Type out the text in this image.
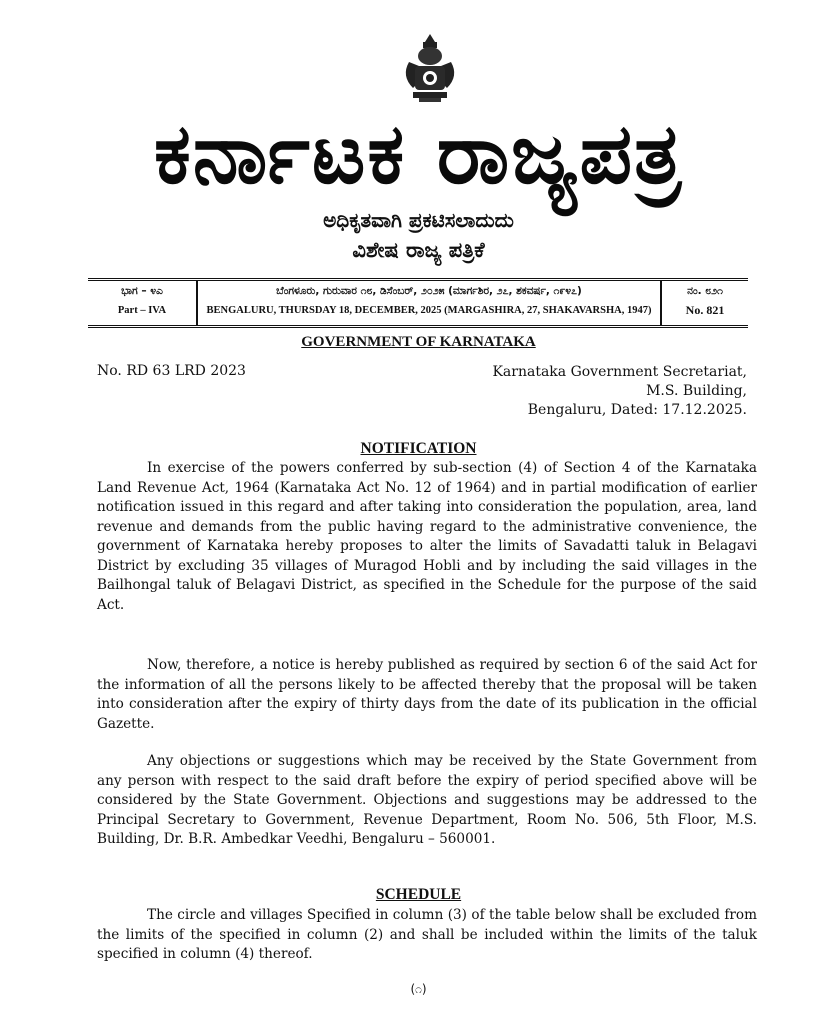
ಕರ್ನಾಟಕ ರಾಜ್ಯಪತ್ರ
ಅಧಿಕೃತವಾಗಿ ಪ್ರಕಟಿಸಲಾದುದು
ವಿಶೇಷ ರಾಜ್ಯ ಪತ್ರಿಕೆ
ಭಾಗ – ೪ಎ
Part – IVA
ಬೆಂಗಳೂರು, ಗುರುವಾರ ೧೮, ಡಿಸೆಂಬರ್, ೨೦೨೫ (ಮಾರ್ಗಶಿರ, ೨೭, ಶಕವರ್ಷ, ೧೯೪೭)
BENGALURU, THURSDAY 18, DECEMBER, 2025 (MARGASHIRA, 27, SHAKAVARSHA, 1947)
ನಂ. ೮೨೧
No. 821
GOVERNMENT OF KARNATAKA
No. RD 63 LRD 2023	Karnataka Government Secretariat,
M.S. Building,
Bengaluru, Dated: 17.12.2025.
NOTIFICATION
In exercise of the powers conferred by sub-section (4) of Section 4 of the Karnataka Land Revenue Act, 1964 (Karnataka Act No. 12 of 1964) and in partial modification of earlier notification issued in this regard and after taking into consideration the population, area, land revenue and demands from the public having regard to the administrative convenience, the government of Karnataka hereby proposes to alter the limits of Savadatti taluk in Belagavi District by excluding 35 villages of Muragod Hobli and by including the said villages in the Bailhongal taluk of Belagavi District, as specified in the Schedule for the purpose of the said Act.
Now, therefore, a notice is hereby published as required by section 6 of the said Act for the information of all the persons likely to be affected thereby that the proposal will be taken into consideration after the expiry of thirty days from the date of its publication in the official Gazette.
Any objections or suggestions which may be received by the State Government from any person with respect to the said draft before the expiry of period specified above will be considered by the State Government. Objections and suggestions may be addressed to the Principal Secretary to Government, Revenue Department, Room No. 506, 5th Floor, M.S. Building, Dr. B.R. Ambedkar Veedhi, Bengaluru – 560001.
SCHEDULE
The circle and villages Specified in column (3) of the table below shall be excluded from the limits of the specified in column (2) and shall be included within the limits of the taluk specified in column (4) thereof.
(೧)
